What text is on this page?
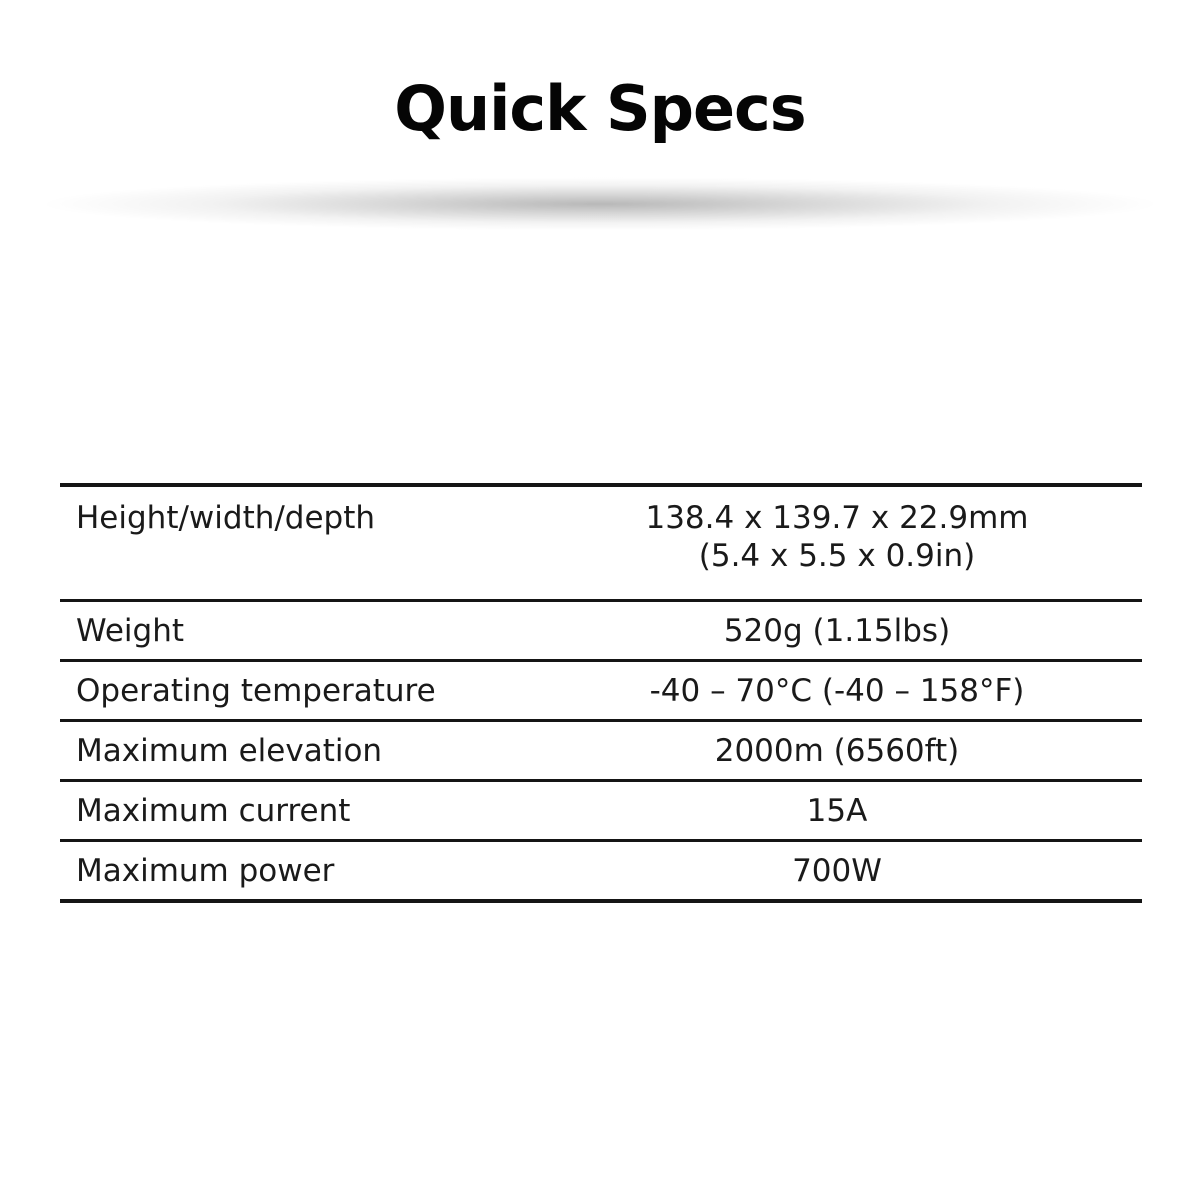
Quick Specs
Height/width/depth	138.4 x 139.7 x 22.9mm
(5.4 x 5.5 x 0.9in)

Weight	520g (1.15lbs)
Operating temperature	-40 – 70°C (-40 – 158°F)
Maximum elevation	2000m (6560ft)
Maximum current	15A
Maximum power	700W
